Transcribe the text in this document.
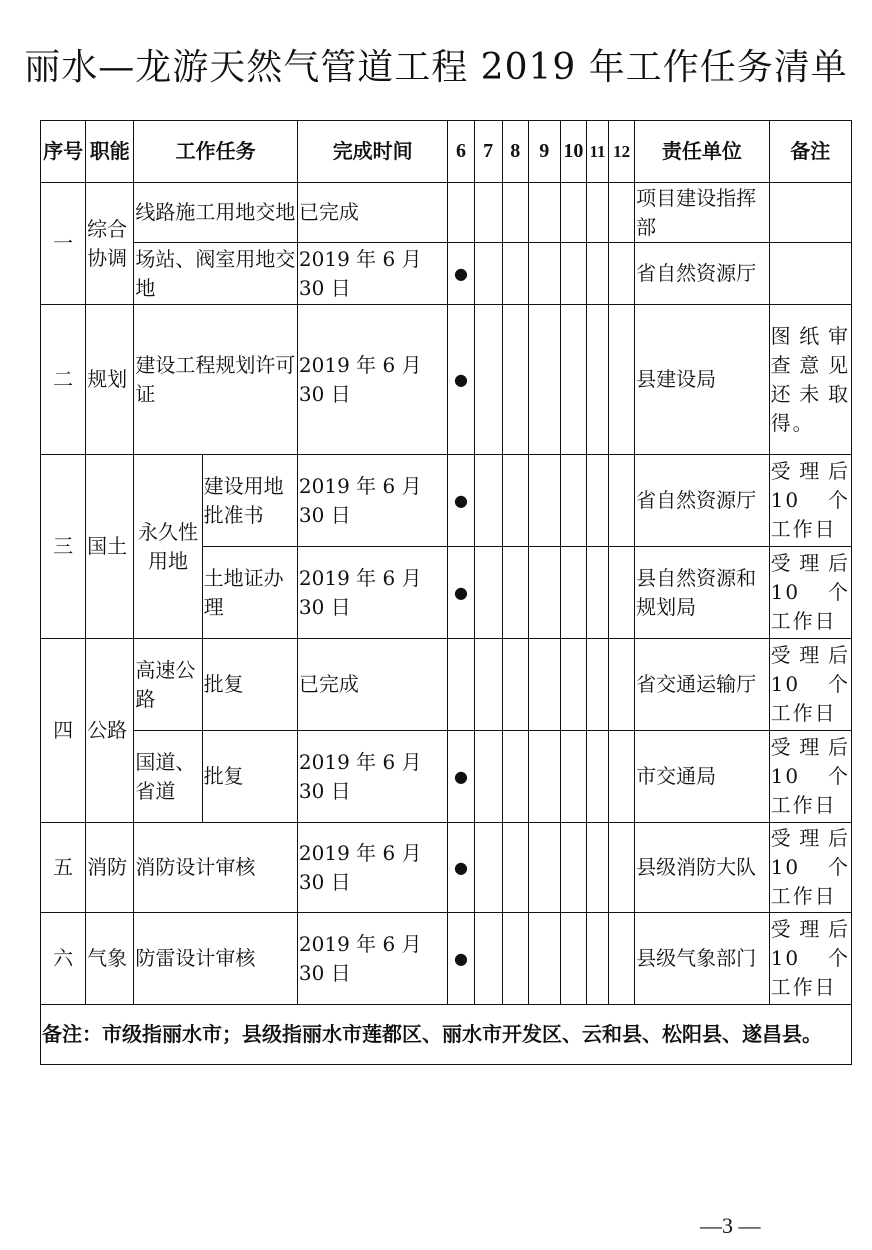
丽水—龙游天然气管道工程 2019 年工作任务清单
序号	职能	工作任务		完成时间	6	7	8	9	10	11	12	责任单位	备注
一	综合协调	线路施工用地交地		已完成								项目建设指挥部	
		场站、阀室用地交地		2019 年 6 月 30 日	●							省自然资源厅	
二	规划	建设工程规划许可证		2019 年 6 月 30 日	●							县建设局	图纸审查意见还未取得。
三	国土	永久性用地	建设用地批准书	2019 年 6 月 30 日	●							省自然资源厅	受理后 10 个工作日
			土地证办理	2019 年 6 月 30 日	●							县自然资源和规划局	受理后 10 个工作日
四	公路	高速公路	批复	已完成								省交通运输厅	受理后 10 个工作日
		国道、省道	批复	2019 年 6 月 30 日	●							市交通局	受理后 10 个工作日
五	消防	消防设计审核		2019 年 6 月 30 日	●							县级消防大队	受理后 10 个工作日
六	气象	防雷设计审核		2019 年 6 月 30 日	●							县级气象部门	受理后 10 个工作日
备注：市级指丽水市；县级指丽水市莲都区、丽水市开发区、云和县、松阳县、遂昌县。													
—3 —
